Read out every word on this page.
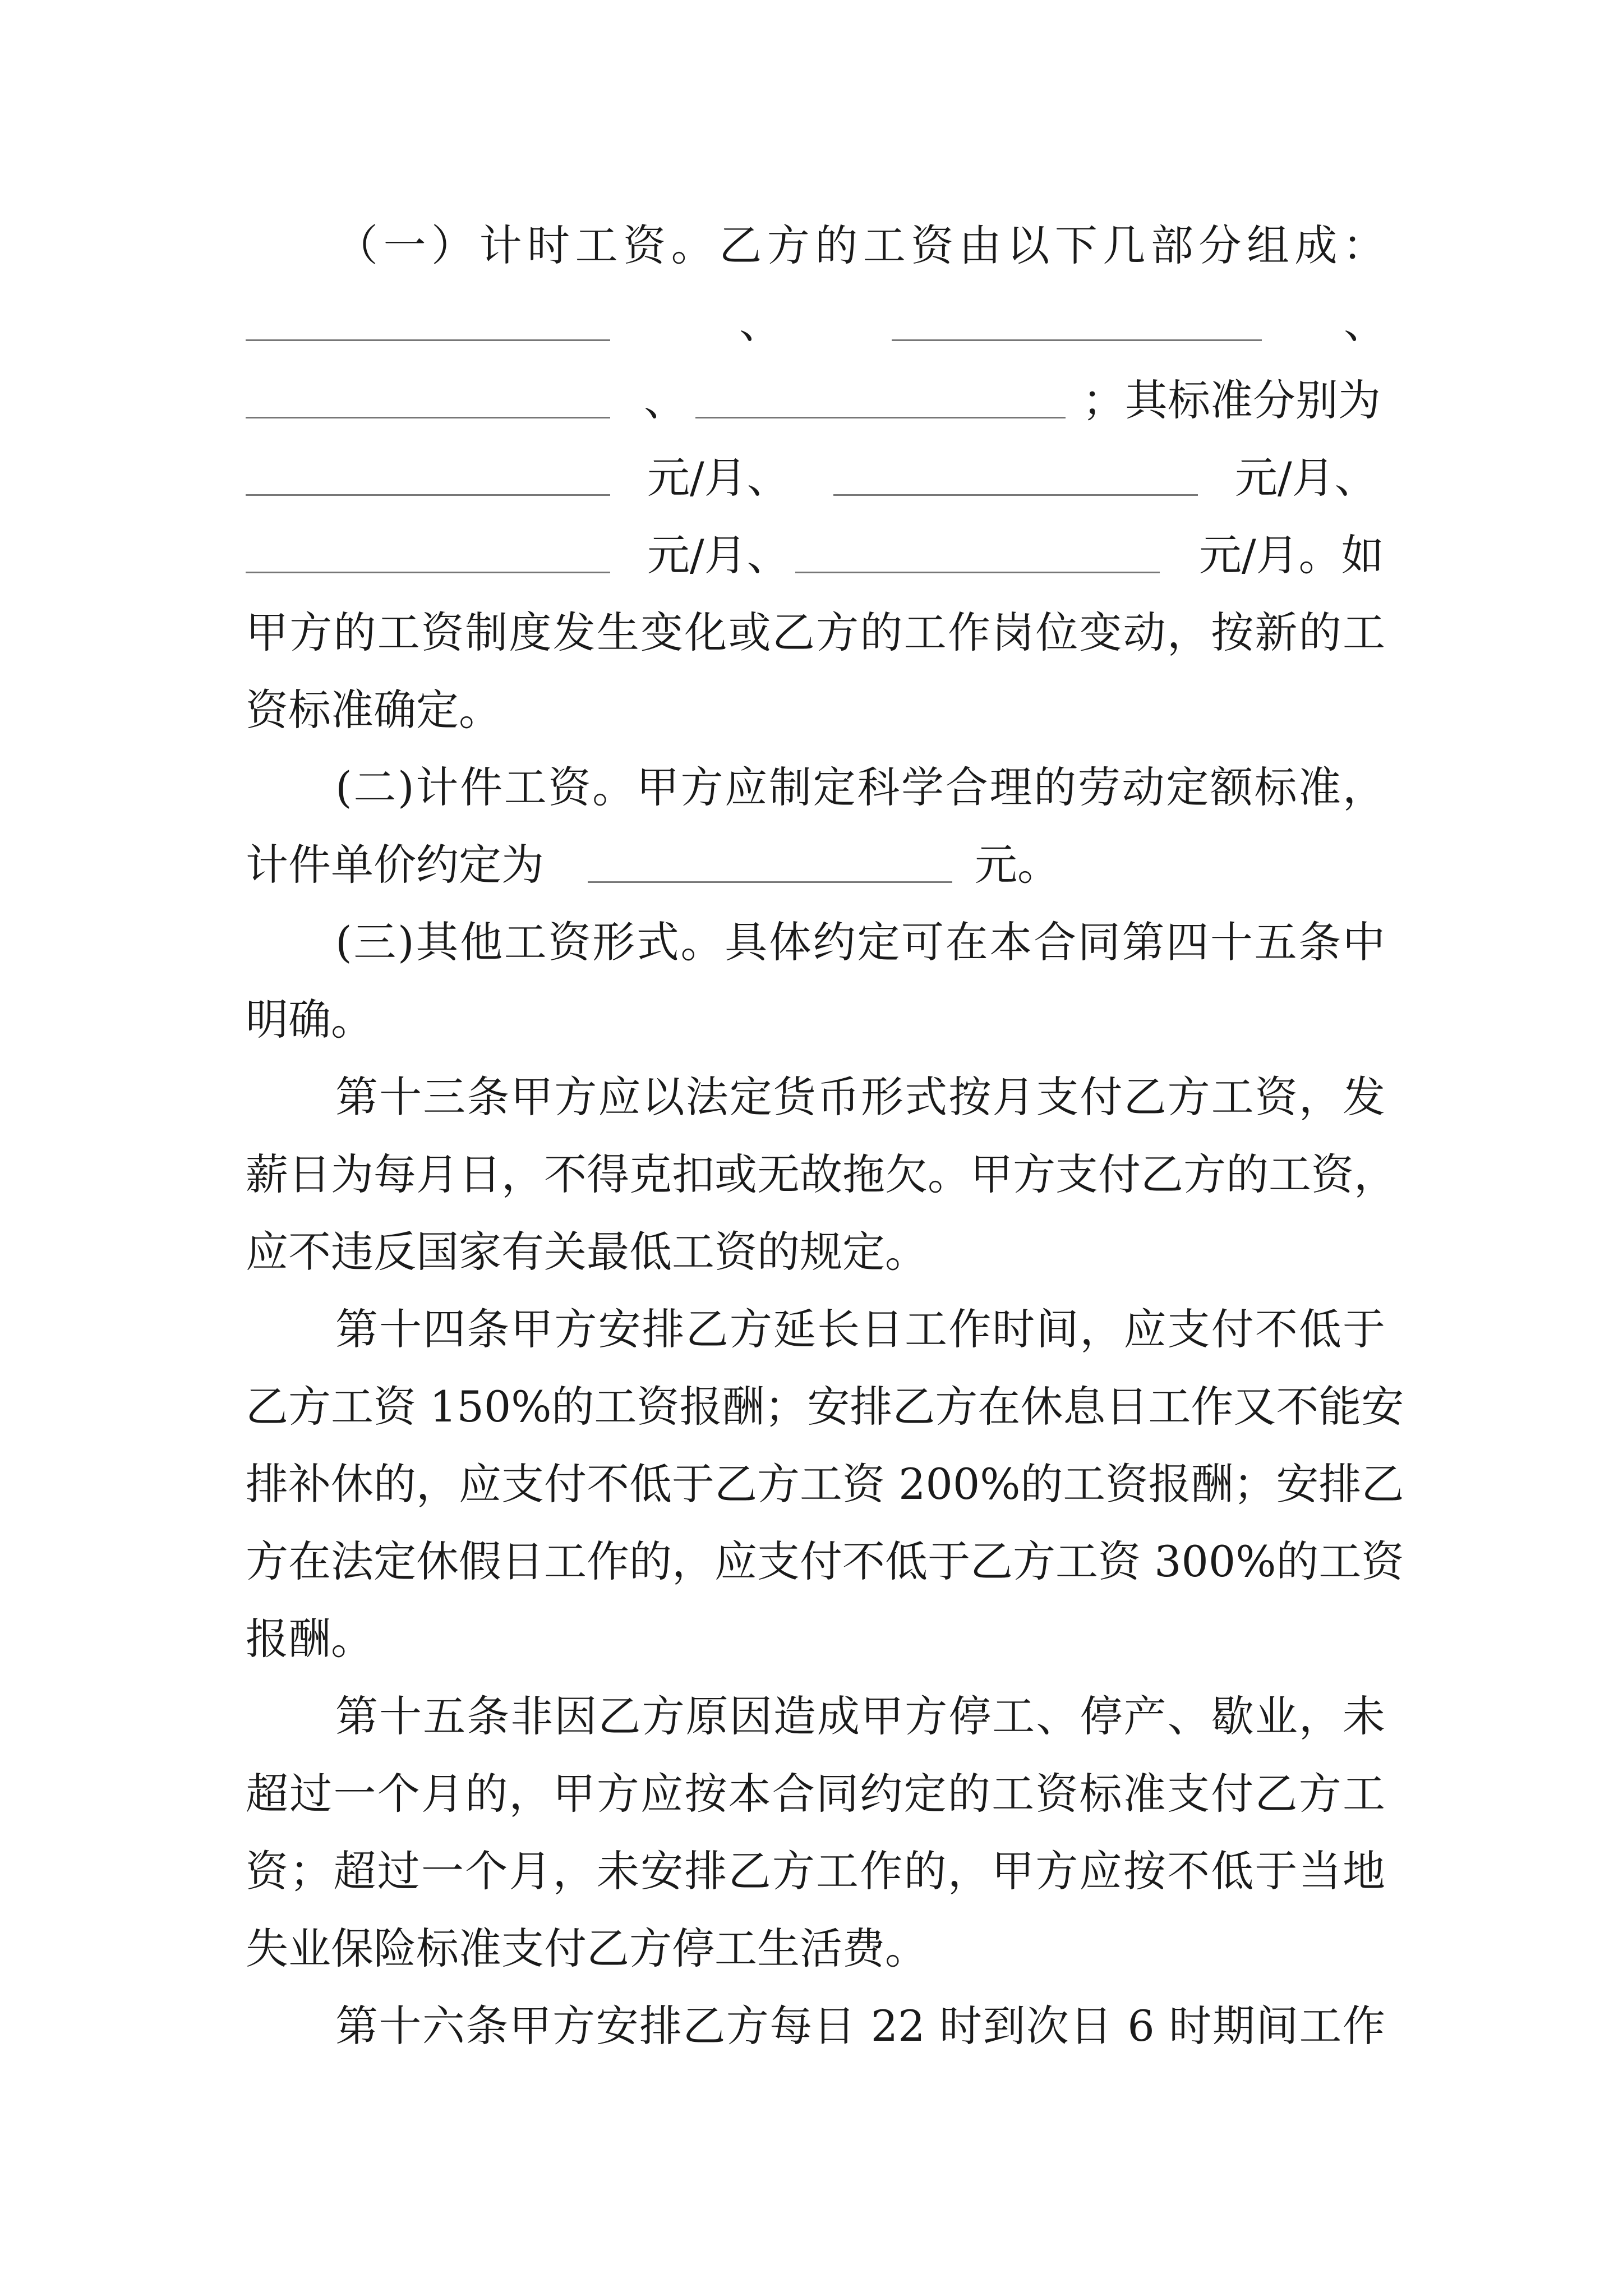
（一）计时工资。乙方的工资由以下几部分组成：
、	、
、	；其标准分别为
元/月、	元/月、
元/月、	元/月。如
甲方的工资制度发生变化或乙方的工作岗位变动，按新的工
资标准确定。
(二)计件工资。甲方应制定科学合理的劳动定额标准，
计件单价约定为	元。
(三)其他工资形式。具体约定可在本合同第四十五条中
明确。
第十三条甲方应以法定货币形式按月支付乙方工资，发
薪日为每月日，不得克扣或无故拖欠。甲方支付乙方的工资，
应不违反国家有关最低工资的规定。
第十四条甲方安排乙方延长日工作时间，应支付不低于
乙方工资 150%的工资报酬；安排乙方在休息日工作又不能安
排补休的，应支付不低于乙方工资 200%的工资报酬；安排乙
方在法定休假日工作的，应支付不低于乙方工资 300%的工资
报酬。
第十五条非因乙方原因造成甲方停工、停产、歇业，未
超过一个月的，甲方应按本合同约定的工资标准支付乙方工
资；超过一个月，未安排乙方工作的，甲方应按不低于当地
失业保险标准支付乙方停工生活费。
第十六条甲方安排乙方每日 22 时到次日 6 时期间工作
